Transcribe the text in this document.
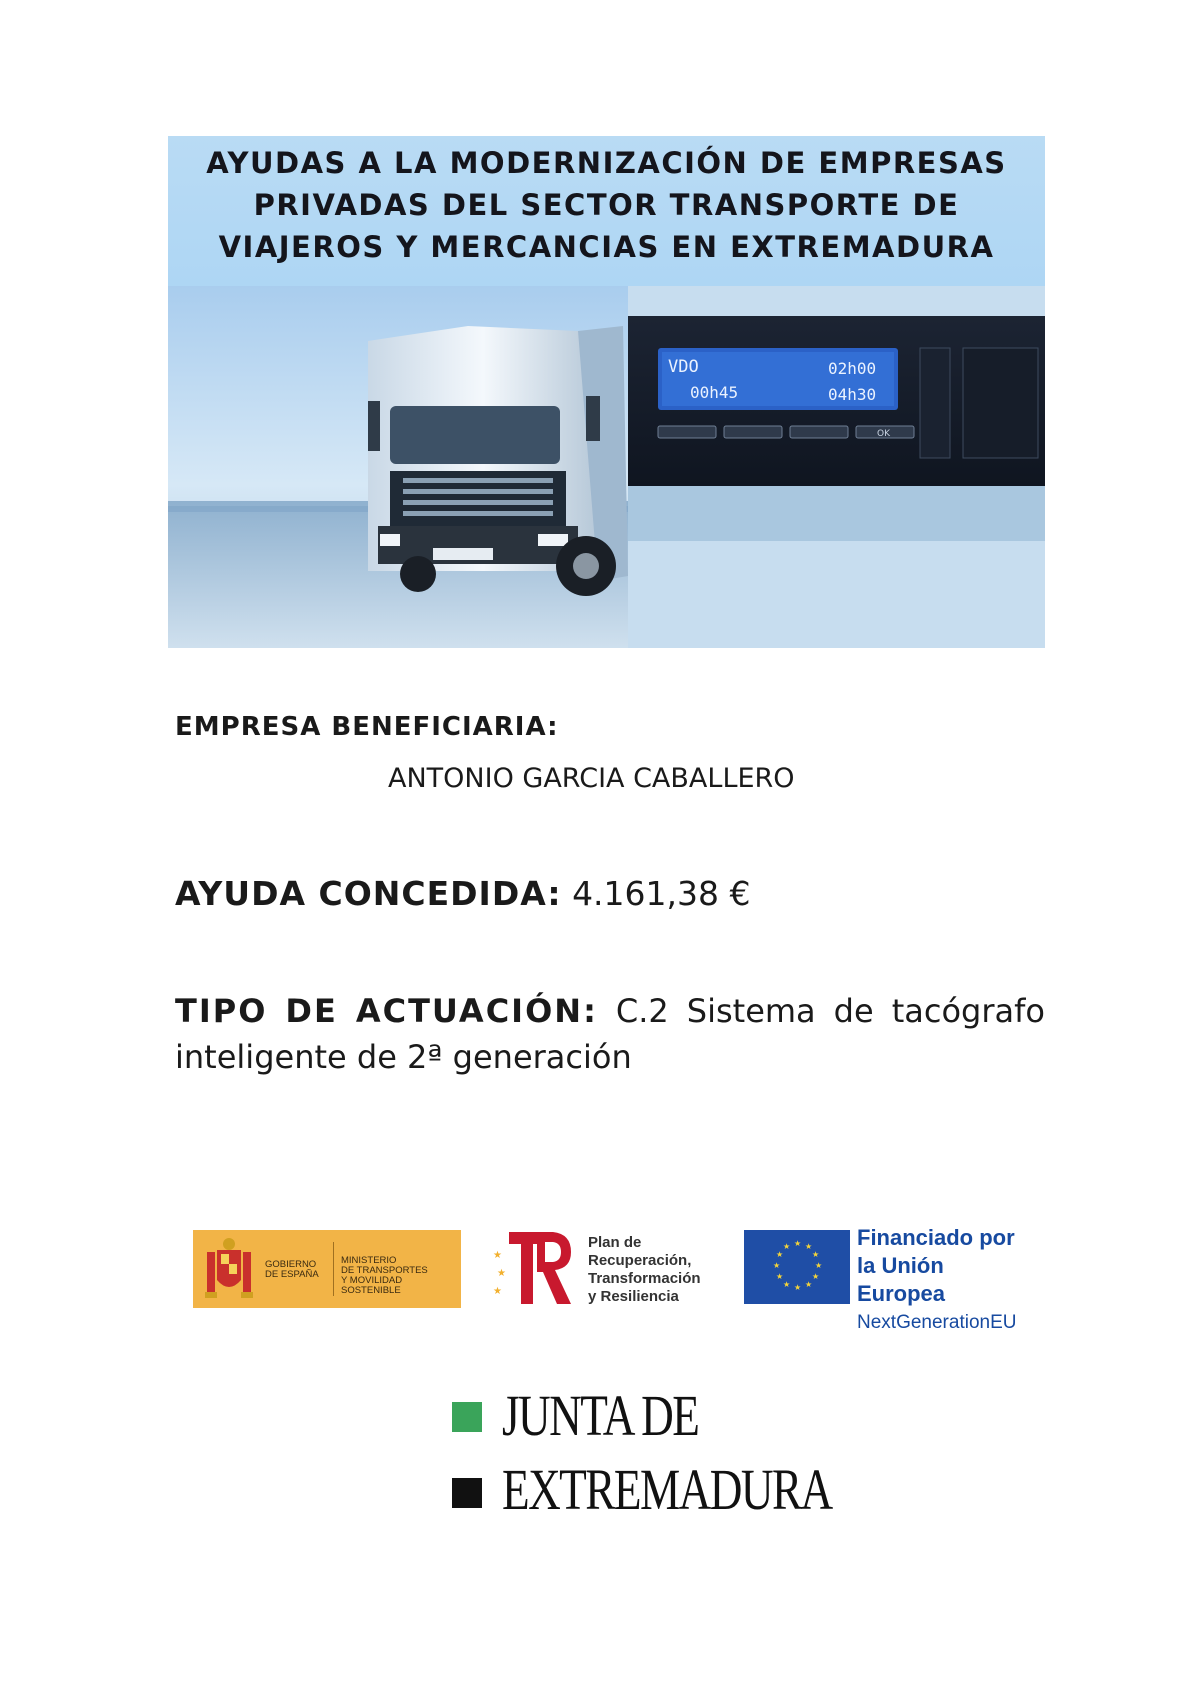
AYUDAS A LA MODERNIZACIÓN DE EMPRESAS
PRIVADAS DEL SECTOR TRANSPORTE DE
VIAJEROS Y MERCANCIAS EN EXTREMADURA
VDO	02h00
00h45	04h30
OK
EMPRESA BENEFICIARIA:
ANTONIO GARCIA CABALLERO
AYUDA CONCEDIDA: 4.161,38 €
TIPO DE ACTUACIÓN: C.2 Sistema de tacógrafo
inteligente de 2ª generación
GOBIERNO
DE ESPAÑA
MINISTERIO
DE TRANSPORTES
Y MOVILIDAD SOSTENIBLE
★
★
★
Plan de
Recuperación,
Transformación
y Resiliencia
★ ★
★
★
★
★
★
★
★
★
★
★	Financiado por
la Unión Europea
NextGenerationEU
JUNTA DE
EXTREMADURA
